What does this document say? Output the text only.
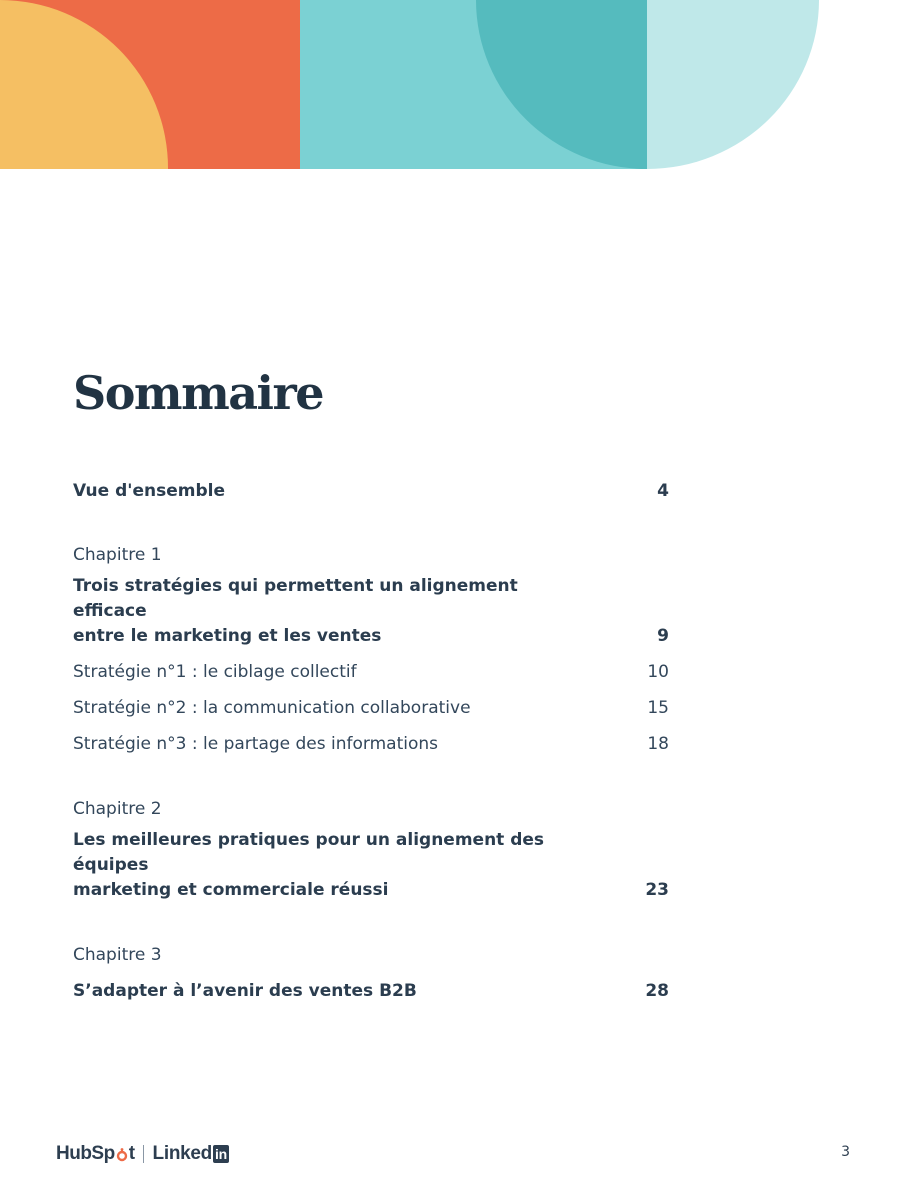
Sommaire
Vue d'ensemble	4
Chapitre 1
Trois stratégies qui permettent un alignement efficace
entre le marketing et les ventes	9
Stratégie n°1 : le ciblage collectif	10
Stratégie n°2 : la communication collaborative	15
Stratégie n°3 : le partage des informations	18
Chapitre 2
Les meilleures pratiques pour un alignement des équipes
marketing et commerciale réussi	23
Chapitre 3
S’adapter à l’avenir des ventes B2B	28
HubSp t Linked in	3
